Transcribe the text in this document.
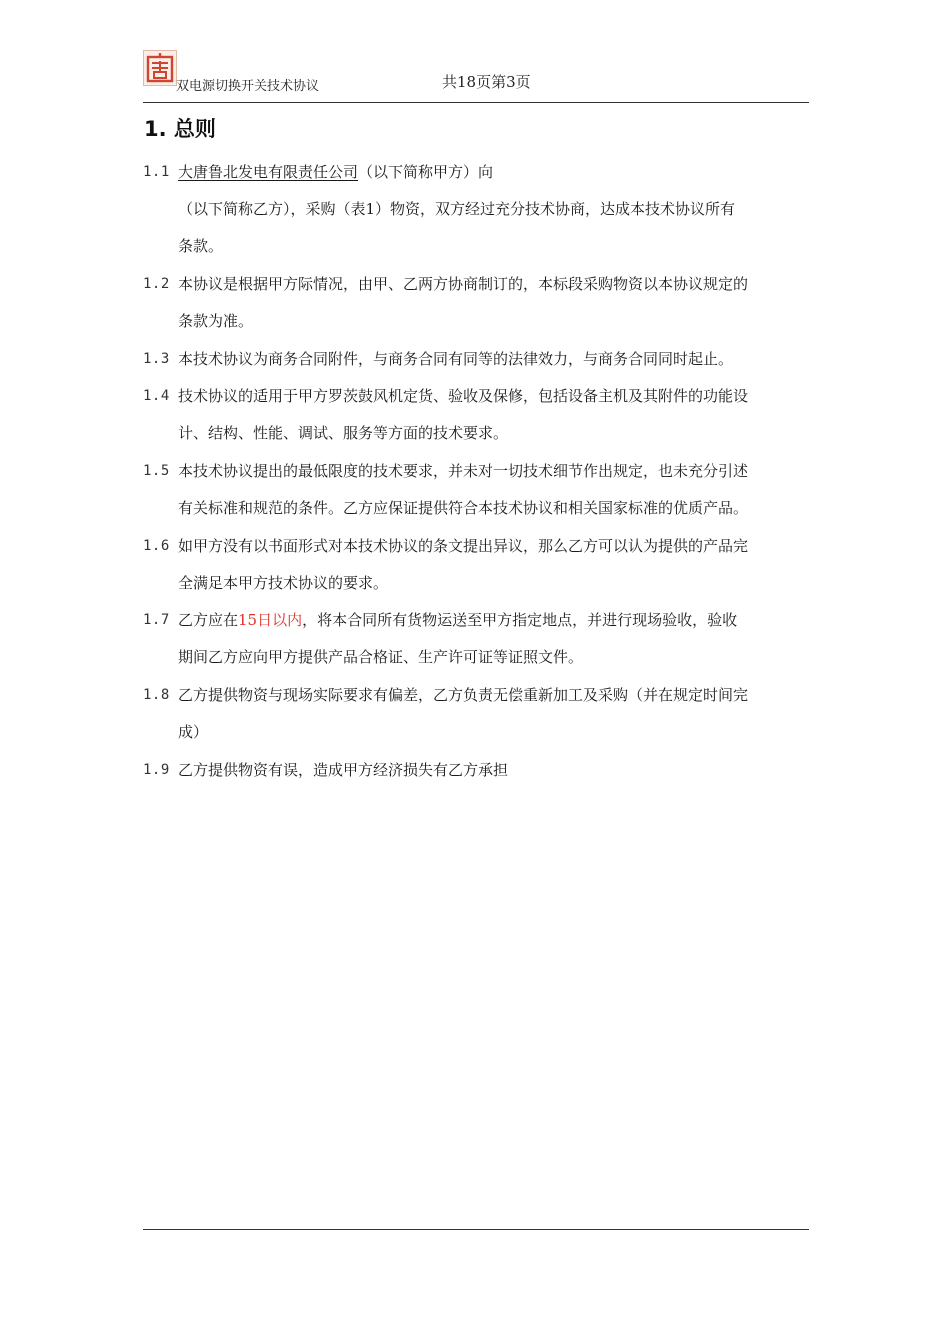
双电源切换开关技术协议	共18页第3页
1. 总则
1.1 大唐鲁北发电有限责任公司（以下简称甲方）向
（以下简称乙方），采购（表1）物资，双方经过充分技术协商，达成本技术协议所有
条款。
1.2 本协议是根据甲方际情况，由甲、乙两方协商制订的，本标段采购物资以本协议规定的
条款为准。
1.3 本技术协议为商务合同附件，与商务合同有同等的法律效力，与商务合同同时起止。
1.4 技术协议的适用于甲方罗茨鼓风机定货、验收及保修，包括设备主机及其附件的功能设
计、结构、性能、调试、服务等方面的技术要求。
1.5 本技术协议提出的最低限度的技术要求，并未对一切技术细节作出规定，也未充分引述
有关标准和规范的条件。乙方应保证提供符合本技术协议和相关国家标准的优质产品。
1.6 如甲方没有以书面形式对本技术协议的条文提出异议，那么乙方可以认为提供的产品完
全满足本甲方技术协议的要求。
1.7 乙方应在15日以内，将本合同所有货物运送至甲方指定地点，并进行现场验收，验收
期间乙方应向甲方提供产品合格证、生产许可证等证照文件。
1.8 乙方提供物资与现场实际要求有偏差，乙方负责无偿重新加工及采购（并在规定时间完
成）
1.9 乙方提供物资有误，造成甲方经济损失有乙方承担
